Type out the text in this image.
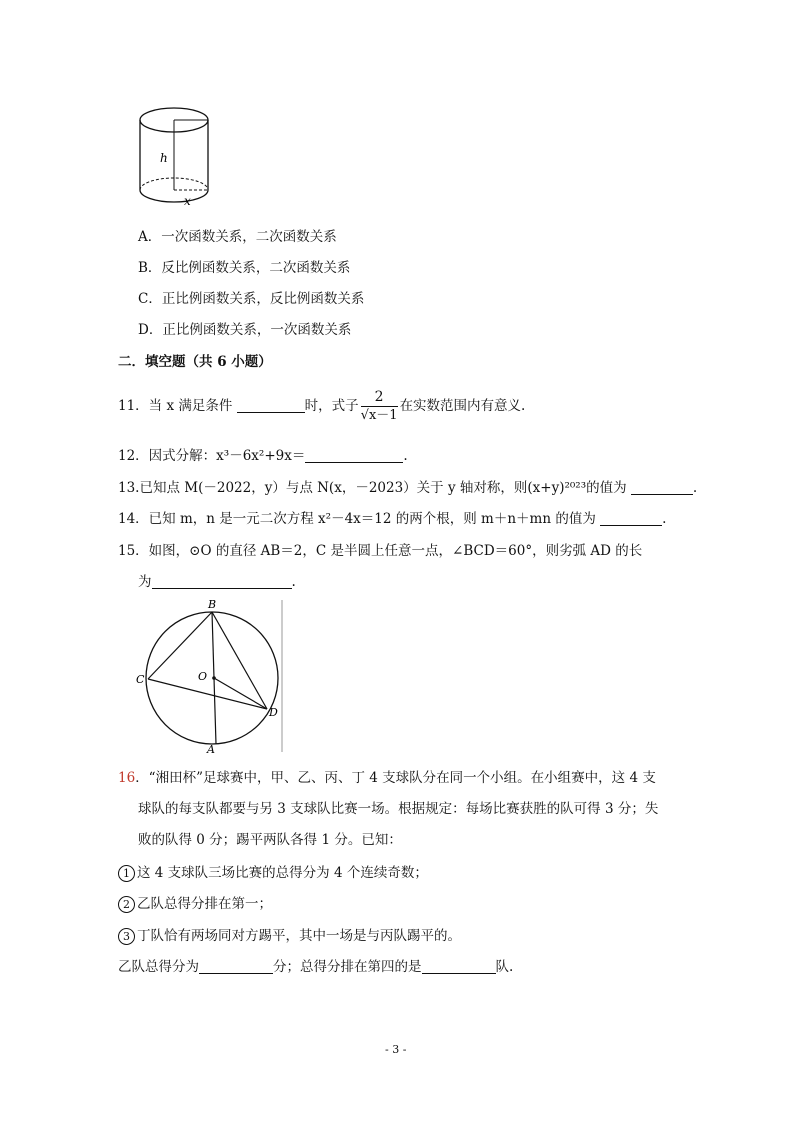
h
x
A．一次函数关系，二次函数关系
B．反比例函数关系，二次函数关系
C．正比例函数关系，反比例函数关系
D．正比例函数关系，一次函数关系
二．填空题（共 6 小题）
11．当 x 满足条件	时，式子 $\frac{2}{√x-1}$ 在实数范围内有意义.
12．因式分解：x³－6x²+9x＝	.
13.已知点 M(－2022，y）与点 N(x，－2023）关于 y 轴对称，则(x+y)²⁰²³的值为	.
14．已知 m，n 是一元二次方程 x²－4x＝12 的两个根，则 m＋n＋mn 的值为	.
15．如图，⊙O 的直径 AB＝2，C 是半圆上任意一点，∠BCD＝60°，则劣弧 AD 的长
为	.
B
C	O
D
A
16．“湘田杯”足球赛中，甲、乙、丙、丁 4 支球队分在同一个小组。在小组赛中，这 4 支
球队的每支队都要与另 3 支球队比赛一场。根据规定：每场比赛获胜的队可得 3 分；失
败的队得 0 分；踢平两队各得 1 分。已知：
1 这 4 支球队三场比赛的总得分为 4 个连续奇数；
2 乙队总得分排在第一；
3 丁队恰有两场同对方踢平，其中一场是与丙队踢平的。
乙队总得分为	分；总得分排在第四的是	队.
- 3 -
